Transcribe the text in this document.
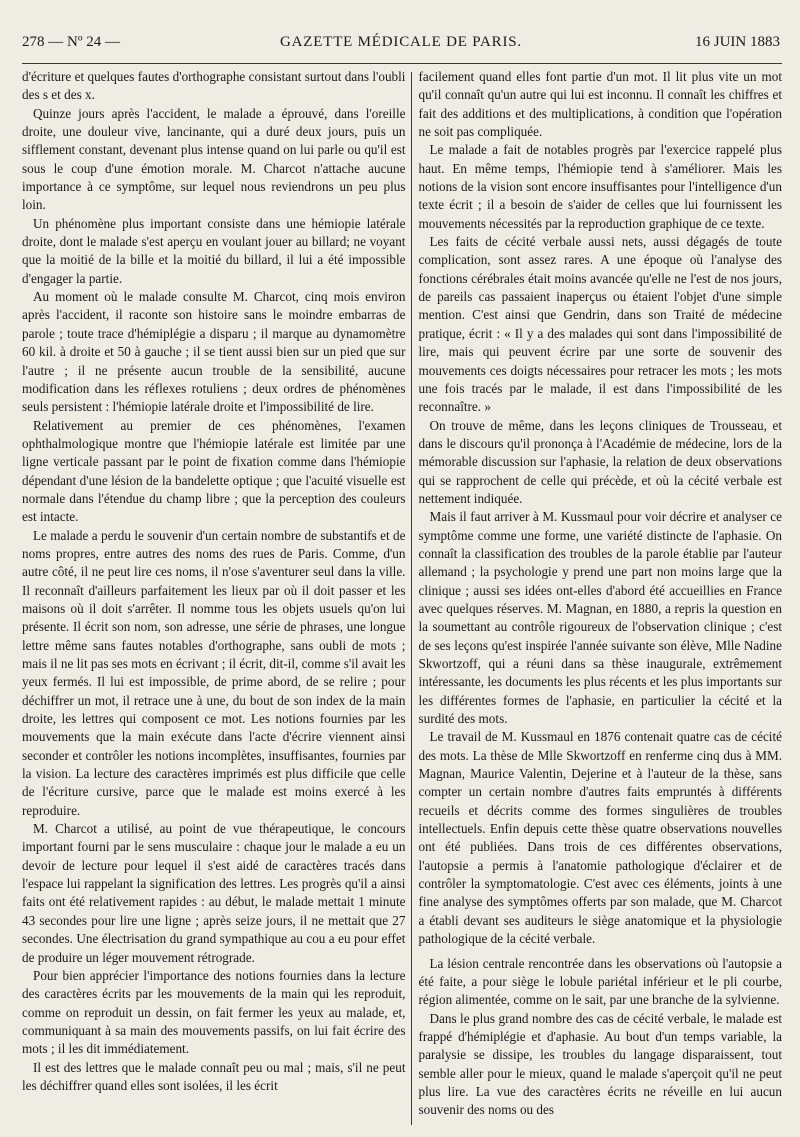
278 — Nº 24 —	GAZETTE MÉDICALE DE PARIS.	16 JUIN 1883

d'écriture et quelques fautes d'orthographe consistant surtout dans l'oubli des s et des x.

Quinze jours après l'accident, le malade a éprouvé, dans l'oreille droite, une douleur vive, lancinante, qui a duré deux jours, puis un sifflement constant, devenant plus intense quand on lui parle ou qu'il est sous le coup d'une émotion morale. M. Charcot n'attache aucune importance à ce symptôme, sur lequel nous reviendrons un peu plus loin.

Un phénomène plus important consiste dans une hémiopie latérale droite, dont le malade s'est aperçu en voulant jouer au billard; ne voyant que la moitié de la bille et la moitié du billard, il lui a été impossible d'engager la partie.

Au moment où le malade consulte M. Charcot, cinq mois environ après l'accident, il raconte son histoire sans le moindre embarras de parole ; toute trace d'hémiplégie a disparu ; il marque au dynamomètre 60 kil. à droite et 50 à gauche ; il se tient aussi bien sur un pied que sur l'autre ; il ne présente aucun trouble de la sensibilité, aucune modification dans les réflexes rotuliens ; deux ordres de phénomènes seuls persistent : l'hémiopie latérale droite et l'impossibilité de lire.

Relativement au premier de ces phénomènes, l'examen ophthalmologique montre que l'hémiopie latérale est limitée par une ligne verticale passant par le point de fixation comme dans l'hémiopie dépendant d'une lésion de la bandelette optique ; que l'acuité visuelle est normale dans l'étendue du champ libre ; que la perception des couleurs est intacte.

Le malade a perdu le souvenir d'un certain nombre de substantifs et de noms propres, entre autres des noms des rues de Paris. Comme, d'un autre côté, il ne peut lire ces noms, il n'ose s'aventurer seul dans la ville. Il reconnaît d'ailleurs parfaitement les lieux par où il doit passer et les maisons où il doit s'arrêter. Il nomme tous les objets usuels qu'on lui présente. Il écrit son nom, son adresse, une série de phrases, une longue lettre même sans fautes notables d'orthographe, sans oubli de mots ; mais il ne lit pas ses mots en écrivant ; il écrit, dit-il, comme s'il avait les yeux fermés. Il lui est impossible, de prime abord, de se relire ; pour déchiffrer un mot, il retrace une à une, du bout de son index de la main droite, les lettres qui composent ce mot. Les notions fournies par les mouvements que la main exécute dans l'acte d'écrire viennent ainsi seconder et contrôler les notions incomplètes, insuffisantes, fournies par la vision. La lecture des caractères imprimés est plus difficile que celle de l'écriture cursive, parce que le malade est moins exercé à les reproduire.

M. Charcot a utilisé, au point de vue thérapeutique, le concours important fourni par le sens musculaire : chaque jour le malade a eu un devoir de lecture pour lequel il s'est aidé de caractères tracés dans l'espace lui rappelant la signification des lettres. Les progrès qu'il a ainsi faits ont été relativement rapides : au début, le malade mettait 1 minute 43 secondes pour lire une ligne ; après seize jours, il ne mettait que 27 secondes. Une électrisation du grand sympathique au cou a eu pour effet de produire un léger mouvement rétrograde.

Pour bien apprécier l'importance des notions fournies dans la lecture des caractères écrits par les mouvements de la main qui les reproduit, comme on reproduit un dessin, on fait fermer les yeux au malade, et, communiquant à sa main des mouvements passifs, on lui fait écrire des mots ; il les dit immédiatement.

Il est des lettres que le malade connaît peu ou mal ; mais, s'il ne peut les déchiffrer quand elles sont isolées, il les écrit

facilement quand elles font partie d'un mot. Il lit plus vite un mot qu'il connaît qu'un autre qui lui est inconnu. Il connaît les chiffres et fait des additions et des multiplications, à condition que l'opération ne soit pas compliquée.

Le malade a fait de notables progrès par l'exercice rappelé plus haut. En même temps, l'hémiopie tend à s'améliorer. Mais les notions de la vision sont encore insuffisantes pour l'intelligence d'un texte écrit ; il a besoin de s'aider de celles que lui fournissent les mouvements nécessités par la reproduction graphique de ce texte.

Les faits de cécité verbale aussi nets, aussi dégagés de toute complication, sont assez rares. A une époque où l'analyse des fonctions cérébrales était moins avancée qu'elle ne l'est de nos jours, de pareils cas passaient inaperçus ou étaient l'objet d'une simple mention. C'est ainsi que Gendrin, dans son Traité de médecine pratique, écrit : « Il y a des malades qui sont dans l'impossibilité de lire, mais qui peuvent écrire par une sorte de souvenir des mouvements ces doigts nécessaires pour retracer les mots ; les mots une fois tracés par le malade, il est dans l'impossibilité de les reconnaître. »

On trouve de même, dans les leçons cliniques de Trousseau, et dans le discours qu'il prononça à l'Académie de médecine, lors de la mémorable discussion sur l'aphasie, la relation de deux observations qui se rapprochent de celle qui précède, et où la cécité verbale est nettement indiquée.

Mais il faut arriver à M. Kussmaul pour voir décrire et analyser ce symptôme comme une forme, une variété distincte de l'aphasie. On connaît la classification des troubles de la parole établie par l'auteur allemand ; la psychologie y prend une part non moins large que la clinique ; aussi ses idées ont-elles d'abord été accueillies en France avec quelques réserves. M. Magnan, en 1880, a repris la question en la soumettant au contrôle rigoureux de l'observation clinique ; c'est de ses leçons qu'est inspirée l'année suivante son élève, Mlle Nadine Skwortzoff, qui a réuni dans sa thèse inaugurale, extrêmement intéressante, les documents les plus récents et les plus importants sur les différentes formes de l'aphasie, en particulier la cécité et la surdité des mots.

Le travail de M. Kussmaul en 1876 contenait quatre cas de cécité des mots. La thèse de Mlle Skwortzoff en renferme cinq dus à MM. Magnan, Maurice Valentin, Dejerine et à l'auteur de la thèse, sans compter un certain nombre d'autres faits empruntés à différents recueils et décrits comme des formes singulières de troubles intellectuels. Enfin depuis cette thèse quatre observations nouvelles ont été publiées. Dans trois de ces différentes observations, l'autopsie a permis à l'anatomie pathologique d'éclairer et de contrôler la symptomatologie. C'est avec ces éléments, joints à une fine analyse des symptômes offerts par son malade, que M. Charcot a établi devant ses auditeurs le siège anatomique et la physiologie pathologique de la cécité verbale.

La lésion centrale rencontrée dans les observations où l'autopsie a été faite, a pour siège le lobule pariétal inférieur et le pli courbe, région alimentée, comme on le sait, par une branche de la sylvienne.

Dans le plus grand nombre des cas de cécité verbale, le malade est frappé d'hémiplégie et d'aphasie. Au bout d'un temps variable, la paralysie se dissipe, les troubles du langage disparaissent, tout semble aller pour le mieux, quand le malade s'aperçoit qu'il ne peut plus lire. La vue des caractères écrits ne réveille en lui aucun souvenir des noms ou des
